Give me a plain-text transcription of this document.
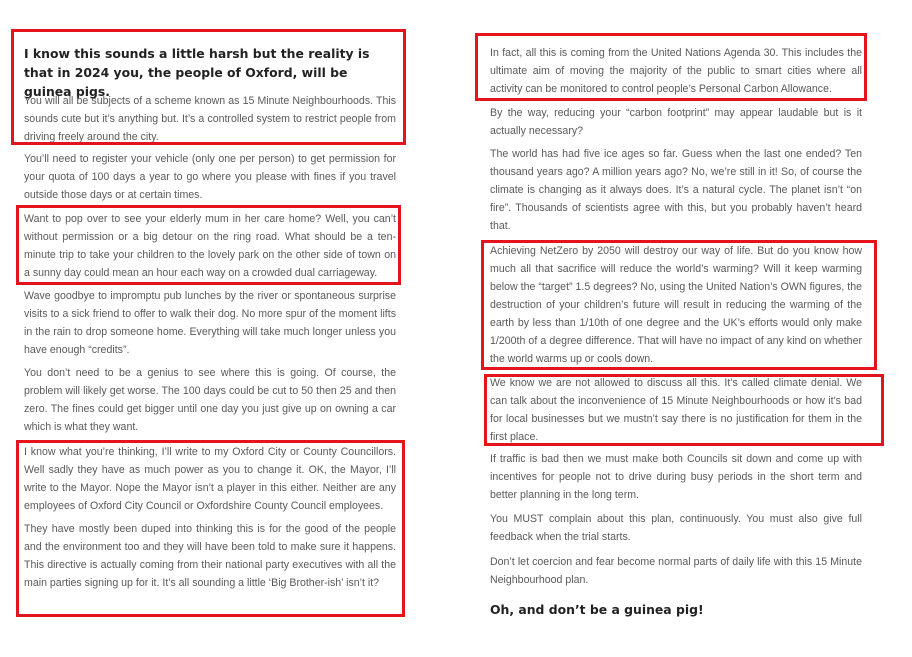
I know this sounds a little harsh but the reality is that in 2024 you, the people of Oxford, will be guinea pigs.

You will all be subjects of a scheme known as 15 Minute Neighbourhoods. This sounds cute but it’s anything but. It’s a controlled system to restrict people from driving freely around the city.

You’ll need to register your vehicle (only one per person) to get permission for your quota of 100 days a year to go where you please with fines if you travel outside those days or at certain times.

Want to pop over to see your elderly mum in her care home? Well, you can’t without permission or a big detour on the ring road. What should be a ten-minute trip to take your children to the lovely park on the other side of town on a sunny day could mean an hour each way on a crowded dual carriageway.

Wave goodbye to impromptu pub lunches by the river or spontaneous surprise visits to a sick friend to offer to walk their dog. No more spur of the moment lifts in the rain to drop someone home. Everything will take much longer unless you have enough “credits”.

You don’t need to be a genius to see where this is going. Of course, the problem will likely get worse. The 100 days could be cut to 50 then 25 and then zero. The fines could get bigger until one day you just give up on owning a car which is what they want.

I know what you’re thinking, I’ll write to my Oxford City or County Councillors. Well sadly they have as much power as you to change it. OK, the Mayor, I’ll write to the Mayor. Nope the Mayor isn’t a player in this either. Neither are any employees of Oxford City Council or Oxfordshire County Council employees.

They have mostly been duped into thinking this is for the good of the people and the environment too and they will have been told to make sure it happens. This directive is actually coming from their national party executives with all the main parties signing up for it. It’s all sounding a little ‘Big Brother-ish’ isn’t it?

In fact, all this is coming from the United Nations Agenda 30. This includes the ultimate aim of moving the majority of the public to smart cities where all activity can be monitored to control people’s Personal Carbon Allowance.

By the way, reducing your “carbon footprint” may appear laudable but is it actually necessary?

The world has had five ice ages so far. Guess when the last one ended? Ten thousand years ago? A million years ago? No, we’re still in it! So, of course the climate is changing as it always does. It’s a natural cycle. The planet isn’t “on fire”. Thousands of scientists agree with this, but you probably haven’t heard that.

Achieving NetZero by 2050 will destroy our way of life. But do you know how much all that sacrifice will reduce the world’s warming? Will it keep warming below the “target” 1.5 degrees? No, using the United Nation’s OWN figures, the destruction of your children’s future will result in reducing the warming of the earth by less than 1/10th of one degree and the UK’s efforts would only make 1/200th of a degree difference. That will have no impact of any kind on whether the world warms up or cools down.

We know we are not allowed to discuss all this. It’s called climate denial. We can talk about the inconvenience of 15 Minute Neighbourhoods or how it’s bad for local businesses but we mustn’t say there is no justification for them in the first place.

If traffic is bad then we must make both Councils sit down and come up with incentives for people not to drive during busy periods in the short term and better planning in the long term.

You MUST complain about this plan, continuously. You must also give full feedback when the trial starts.

Don’t let coercion and fear become normal parts of daily life with this 15 Minute Neighbourhood plan.

Oh, and don’t be a guinea pig!
